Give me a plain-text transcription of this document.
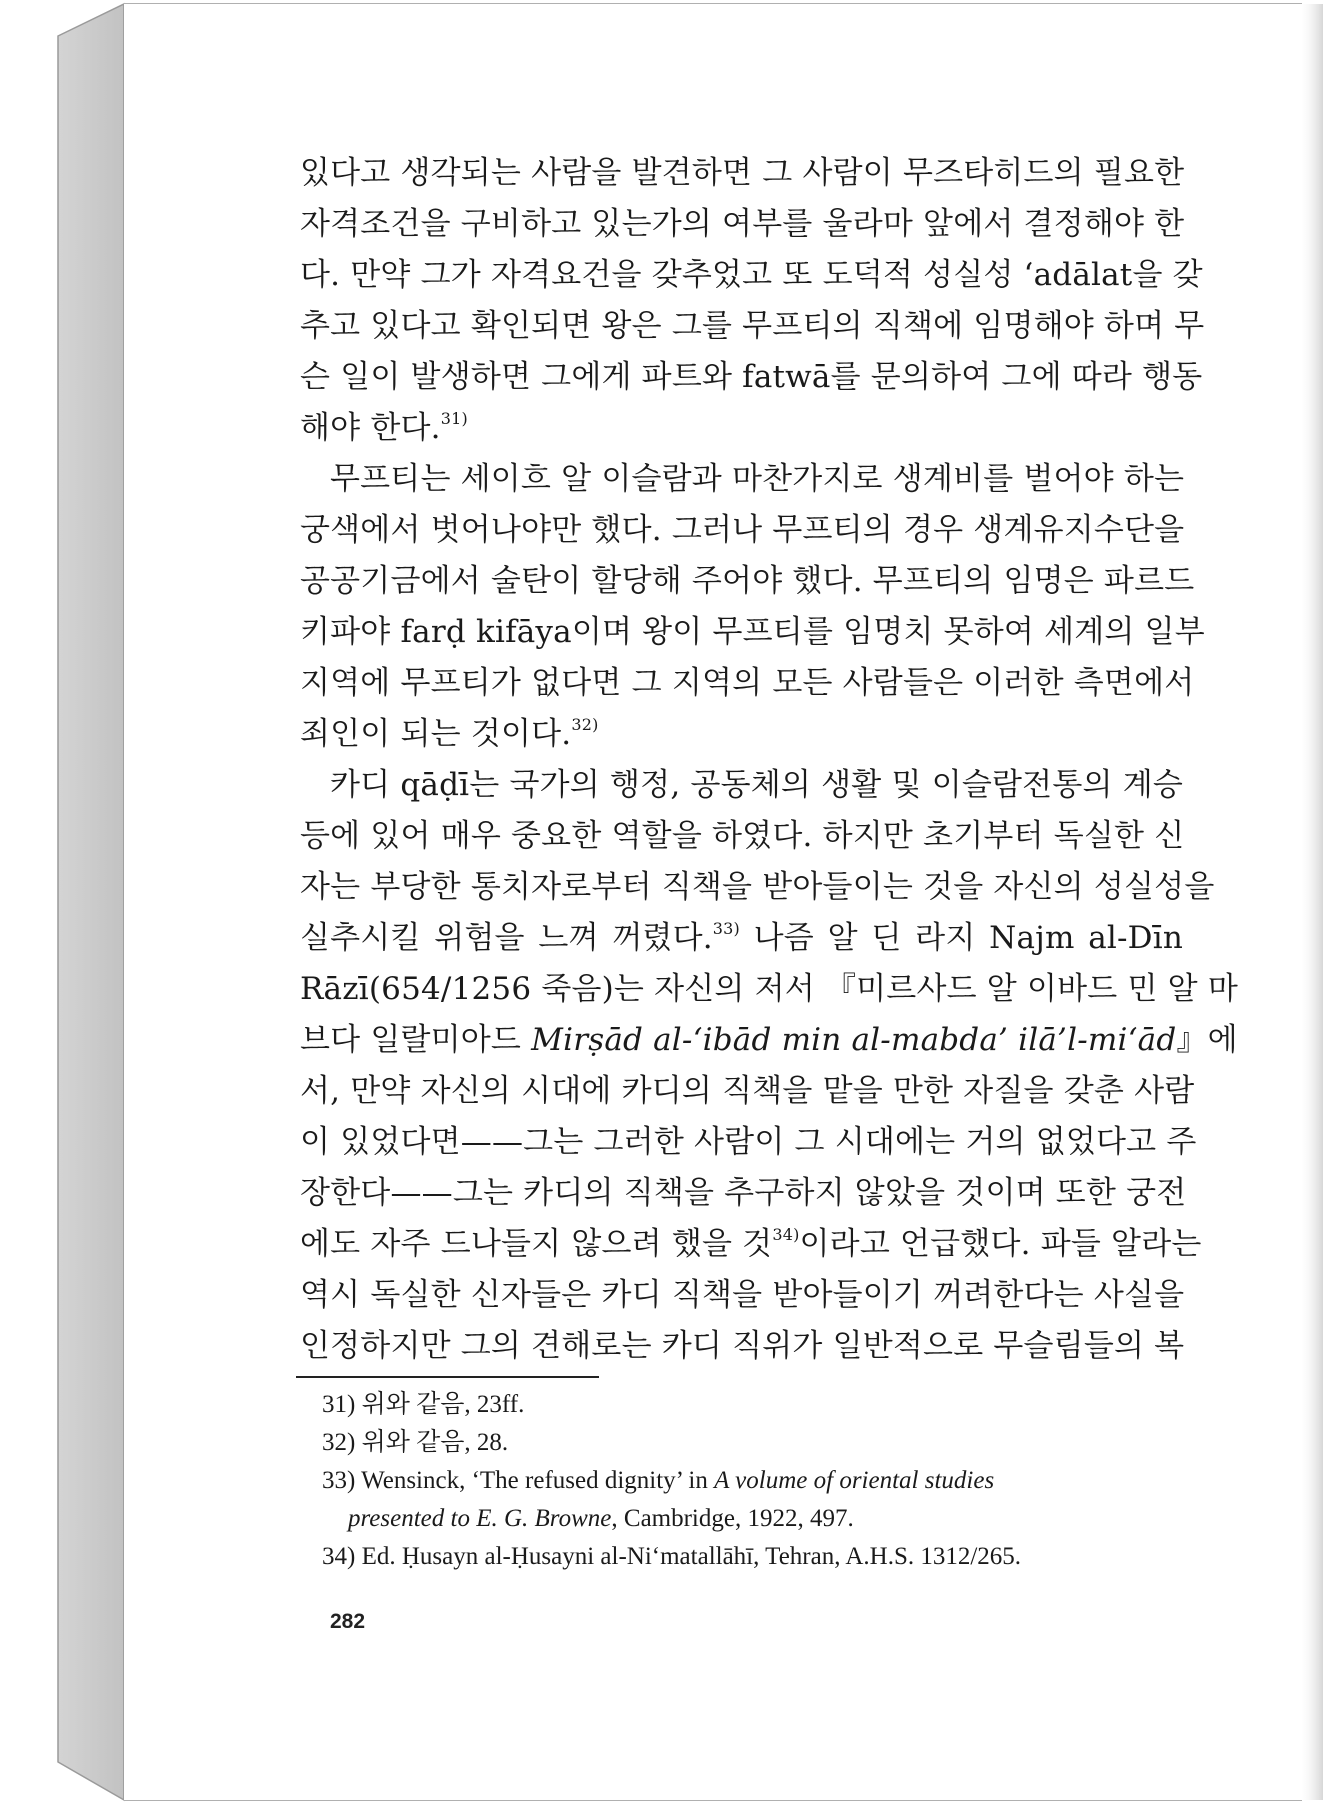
있다고 생각되는 사람을 발견하면 그 사람이 무즈타히드의 필요한
자격조건을 구비하고 있는가의 여부를 울라마 앞에서 결정해야 한
다. 만약 그가 자격요건을 갖추었고 또 도덕적 성실성 ‘adālat을 갖
추고 있다고 확인되면 왕은 그를 무프티의 직책에 임명해야 하며 무
슨 일이 발생하면 그에게 파트와 fatwā를 문의하여 그에 따라 행동
해야 한다.$^{31)}$
무프티는 세이흐 알 이슬람과 마찬가지로 생계비를 벌어야 하는
궁색에서 벗어나야만 했다. 그러나 무프티의 경우 생계유지수단을
공공기금에서 술탄이 할당해 주어야 했다. 무프티의 임명은 파르드
키파야 farḍ kifāya이며 왕이 무프티를 임명치 못하여 세계의 일부
지역에 무프티가 없다면 그 지역의 모든 사람들은 이러한 측면에서
죄인이 되는 것이다.$^{32)}$
카디 qāḍī는 국가의 행정, 공동체의 생활 및 이슬람전통의 계승
등에 있어 매우 중요한 역할을 하였다. 하지만 초기부터 독실한 신
자는 부당한 통치자로부터 직책을 받아들이는 것을 자신의 성실성을
실추시킬 위험을 느껴 꺼렸다.$^{33)}$ 나즘 알 딘 라지 Najm al-Dīn
Rāzī(654/1256 죽음)는 자신의 저서 『미르사드 알 이바드 민 알 마
브다 일랄미아드 Mirṣād al-‘ibād min al-mabda’ ilā’l-mi‘ād』에
서, 만약 자신의 시대에 카디의 직책을 맡을 만한 자질을 갖춘 사람
이 있었다면——그는 그러한 사람이 그 시대에는 거의 없었다고 주
장한다——그는 카디의 직책을 추구하지 않았을 것이며 또한 궁전
에도 자주 드나들지 않으려 했을 것$^{34)}$이라고 언급했다. 파들 알라는
역시 독실한 신자들은 카디 직책을 받아들이기 꺼려한다는 사실을
인정하지만 그의 견해로는 카디 직위가 일반적으로 무슬림들의 복
31) 위와 같음, 23ff.
32) 위와 같음, 28.
33) Wensinck, ‘The refused dignity’ in A volume of oriental studies
presented to E. G. Browne, Cambridge, 1922, 497.
34) Ed. Ḥusayn al-Ḥusayni al-Ni‘matallāhī, Tehran, A.H.S. 1312/265.
282
